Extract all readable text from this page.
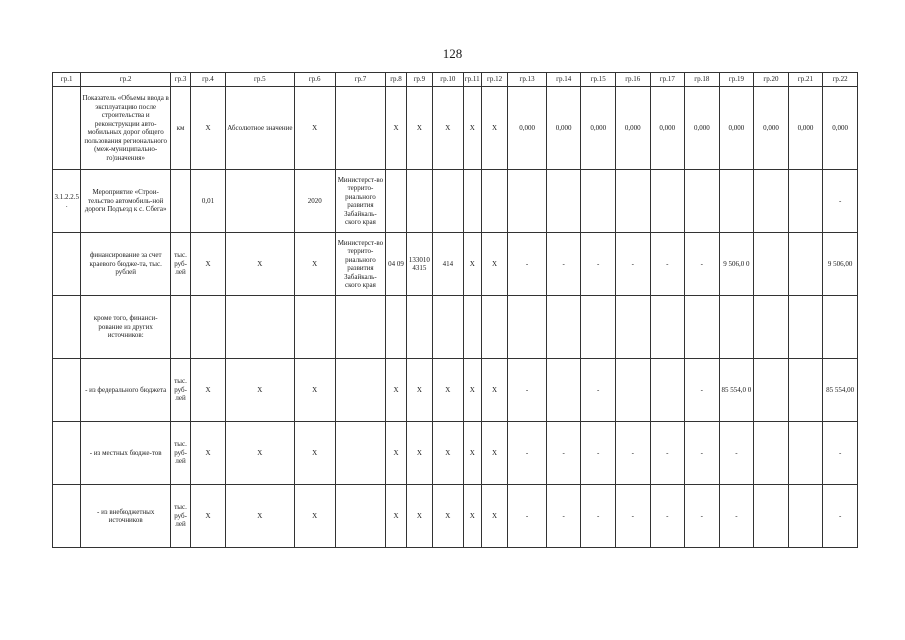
128
гр.1	гр.2	гр.3	гр.4	гр.5	гр.6	гр.7	гр.8	гр.9	гр.10	гр.11	гр.12	гр.13	гр.14	гр.15	гр.16	гр.17	гр.18	гр.19	гр.20	гр.21	гр.22
	Показатель «Объемы ввода в эксплуатацию после строительства и реконструкции авто-мобильных дорог общего пользования регионального (меж-муниципально-го)значения»	км	Х	Абсолютное значение	Х		Х	Х	Х	Х	Х	0,000	0,000	0,000	0,000	0,000	0,000	0,000	0,000	0,000	0,000
3.1.2.2.5.	Мероприятие «Строи-тельство автомобиль-ной дороги Подъезд к с. Сбега»		0,01		2020	Министерст-во террито-риального развития Забайкаль-ского края															-
	финансирование за счет краевого бюдже-та, тыс. рублей	тыс. руб-лей	Х	Х	Х	Министерст-во террито-риального развития Забайкаль-ского края	04 09	133010 4315	414	Х	Х	-	-	-	-	-	-	9 506,0 0			9 506,00
	кроме того, финанси-рование из других источников:																				
	- из федерального бюджета	тыс. руб-лей	Х	Х	Х		Х	Х	Х	Х	Х	-		-			-	85 554,0 0			85 554,00
	- из местных бюдже-тов	тыс. руб-лей	Х	Х	Х		Х	Х	Х	Х	Х	-	-	-	-	-	-	-			-
	- из внебюджетных источников	тыс. руб-лей	Х	Х	Х		Х	Х	Х	Х	Х	-	-	-	-	-	-	-			-
